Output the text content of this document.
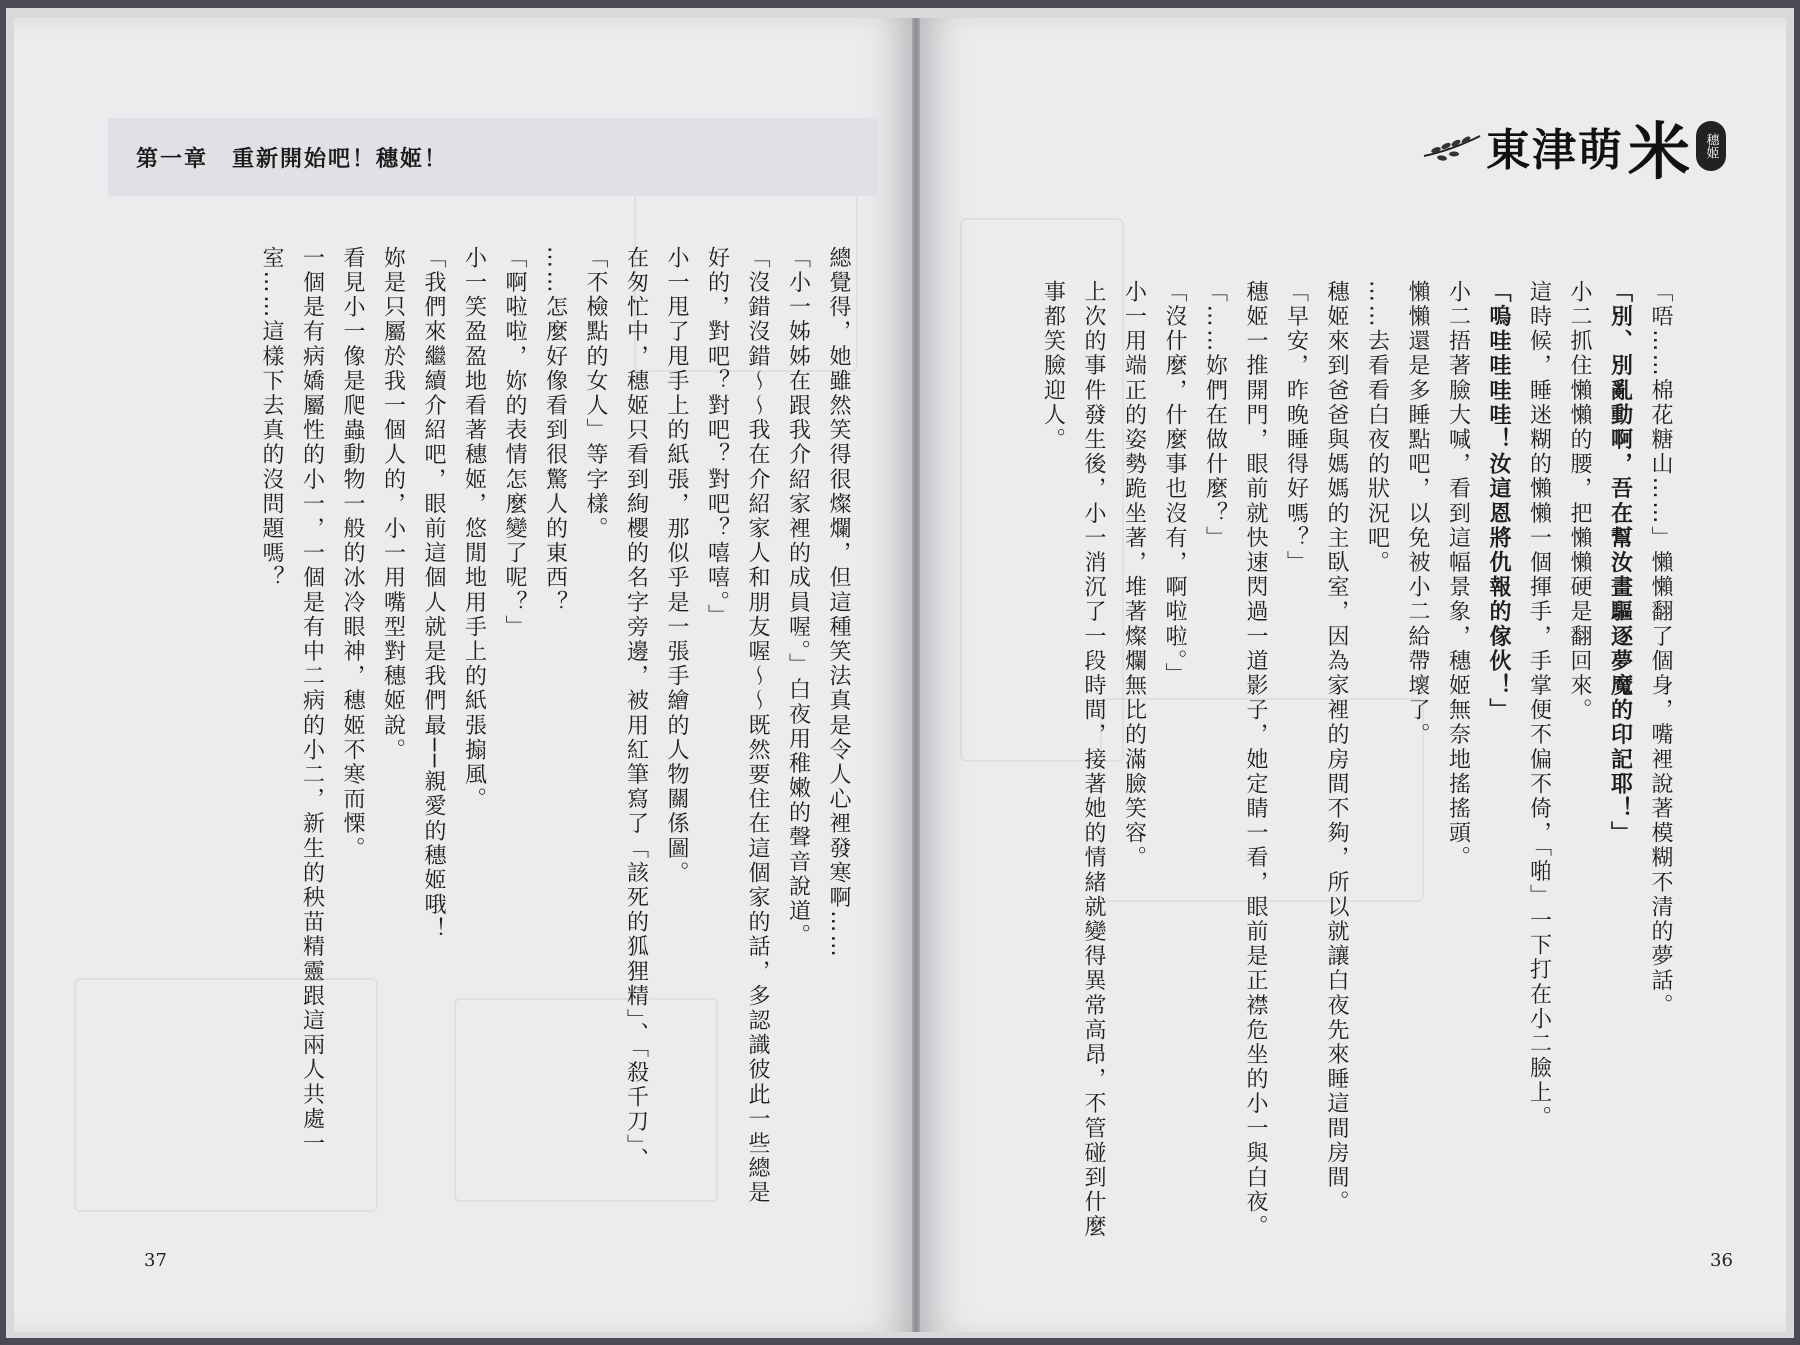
第一章　重新開始吧！穗姬！
總覺得，她雖然笑得很燦爛，但這種笑法真是令人心裡發寒啊……
「小一姊姊在跟我介紹家裡的成員喔。」白夜用稚嫩的聲音說道。
「沒錯沒錯～～我在介紹家人和朋友喔～～既然要住在這個家的話，多認識彼此一些總是
好的，對吧？對吧？對吧？嘻嘻。」
小一甩了甩手上的紙張，那似乎是一張手繪的人物關係圖。
在匆忙中，穗姬只看到絢櫻的名字旁邊，被用紅筆寫了「該死的狐狸精」、「殺千刀」、
「不檢點的女人」等字樣。
……怎麼好像看到很驚人的東西？
「啊啦啦，妳的表情怎麼變了呢？」
小一笑盈盈地看著穗姬，悠閒地用手上的紙張搧風。
「我們來繼續介紹吧，眼前這個人就是我們最──親愛的穗姬哦！
妳是只屬於我一個人的，小一用嘴型對穗姬說。
看見小一像是爬蟲動物一般的冰冷眼神，穗姬不寒而慄。
一個是有病嬌屬性的小一，一個是有中二病的小二，新生的秧苗精靈跟這兩人共處一
室……這樣下去真的沒問題嗎？
37
東津萌 米	穗姬
「唔……棉花糖山……」懶懶翻了個身，嘴裡說著模糊不清的夢話。
「別、別亂動啊，吾在幫汝畫驅逐夢魔的印記耶！」
小二抓住懶懶的腰，把懶懶硬是翻回來。
這時候，睡迷糊的懶懶一個揮手，手掌便不偏不倚，「啪」一下打在小二臉上。
「嗚哇哇哇哇！汝這恩將仇報的傢伙！」
小二捂著臉大喊，看到這幅景象，穗姬無奈地搖搖頭。
懶懶還是多睡點吧，以免被小二給帶壞了。
……去看看白夜的狀況吧。
穗姬來到爸爸與媽媽的主臥室，因為家裡的房間不夠，所以就讓白夜先來睡這間房間。
「早安，昨晚睡得好嗎？」
穗姬一推開門，眼前就快速閃過一道影子，她定睛一看，眼前是正襟危坐的小一與白夜。
「……妳們在做什麼？」
「沒什麼，什麼事也沒有，啊啦啦。」
小一用端正的姿勢跪坐著，堆著燦爛無比的滿臉笑容。
上次的事件發生後，小一消沉了一段時間，接著她的情緒就變得異常高昂，不管碰到什麼
事都笑臉迎人。
36
